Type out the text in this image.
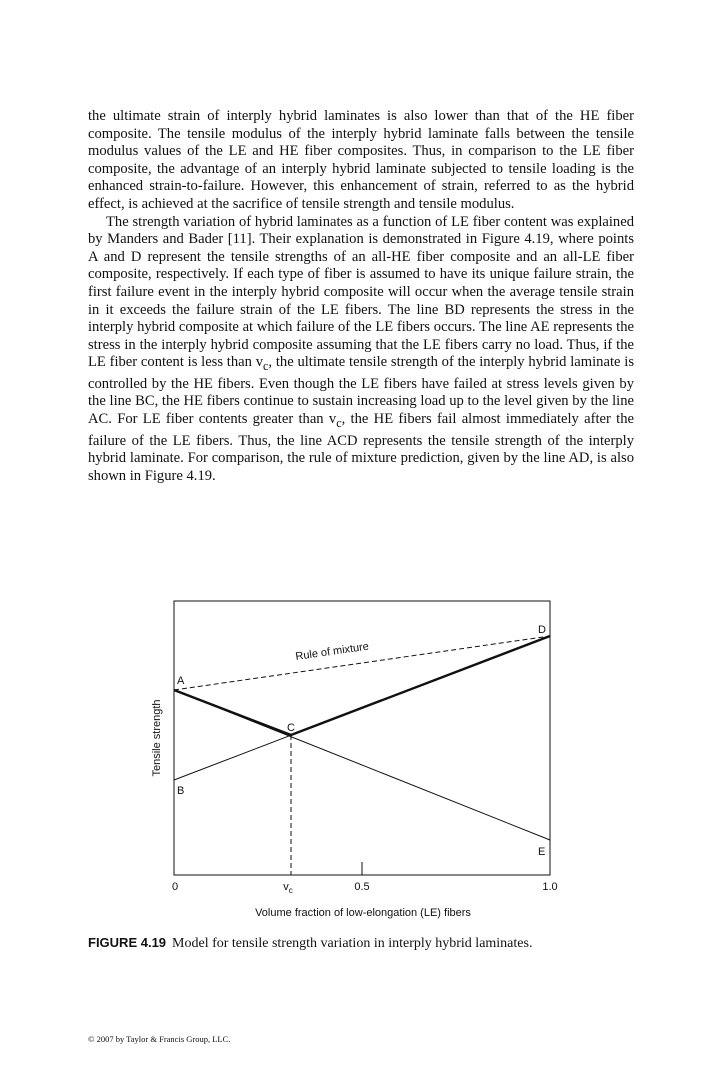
the ultimate strain of interply hybrid laminates is also lower than that of the HE fiber composite. The tensile modulus of the interply hybrid laminate falls between the tensile modulus values of the LE and HE fiber composites. Thus, in comparison to the LE fiber composite, the advantage of an interply hybrid laminate subjected to tensile loading is the enhanced strain-to-failure. However, this enhancement of strain, referred to as the hybrid effect, is achieved at the sacrifice of tensile strength and tensile modulus.

The strength variation of hybrid laminates as a function of LE fiber content was explained by Manders and Bader [11]. Their explanation is demonstrated in Figure 4.19, where points A and D represent the tensile strengths of an all-HE fiber composite and an all-LE fiber composite, respectively. If each type of fiber is assumed to have its unique failure strain, the first failure event in the interply hybrid composite will occur when the average tensile strain in it exceeds the failure strain of the LE fibers. The line BD represents the stress in the interply hybrid composite at which failure of the LE fibers occurs. The line AE represents the stress in the interply hybrid composite assuming that the LE fibers carry no load. Thus, if the LE fiber content is less than $v_c$, the ultimate tensile strength of the interply hybrid laminate is controlled by the HE fibers. Even though the LE fibers have failed at stress levels given by the line BC, the HE fibers continue to sustain increasing load up to the level given by the line AC. For LE fiber contents greater than $v_c$, the HE fibers fail almost immediately after the failure of the LE fibers. Thus, the line ACD represents the tensile strength of the interply hybrid laminate. For comparison, the rule of mixture prediction, given by the line AD, is also shown in Figure 4.19.

A
B
C
D
E
Rule of mixture
Tensile strength
0	$v_c$	0.5	1.0
Volume fraction of low-elongation (LE) fibers
FIGURE 4.19 Model for tensile strength variation in interply hybrid laminates.
© 2007 by Taylor & Francis Group, LLC.
